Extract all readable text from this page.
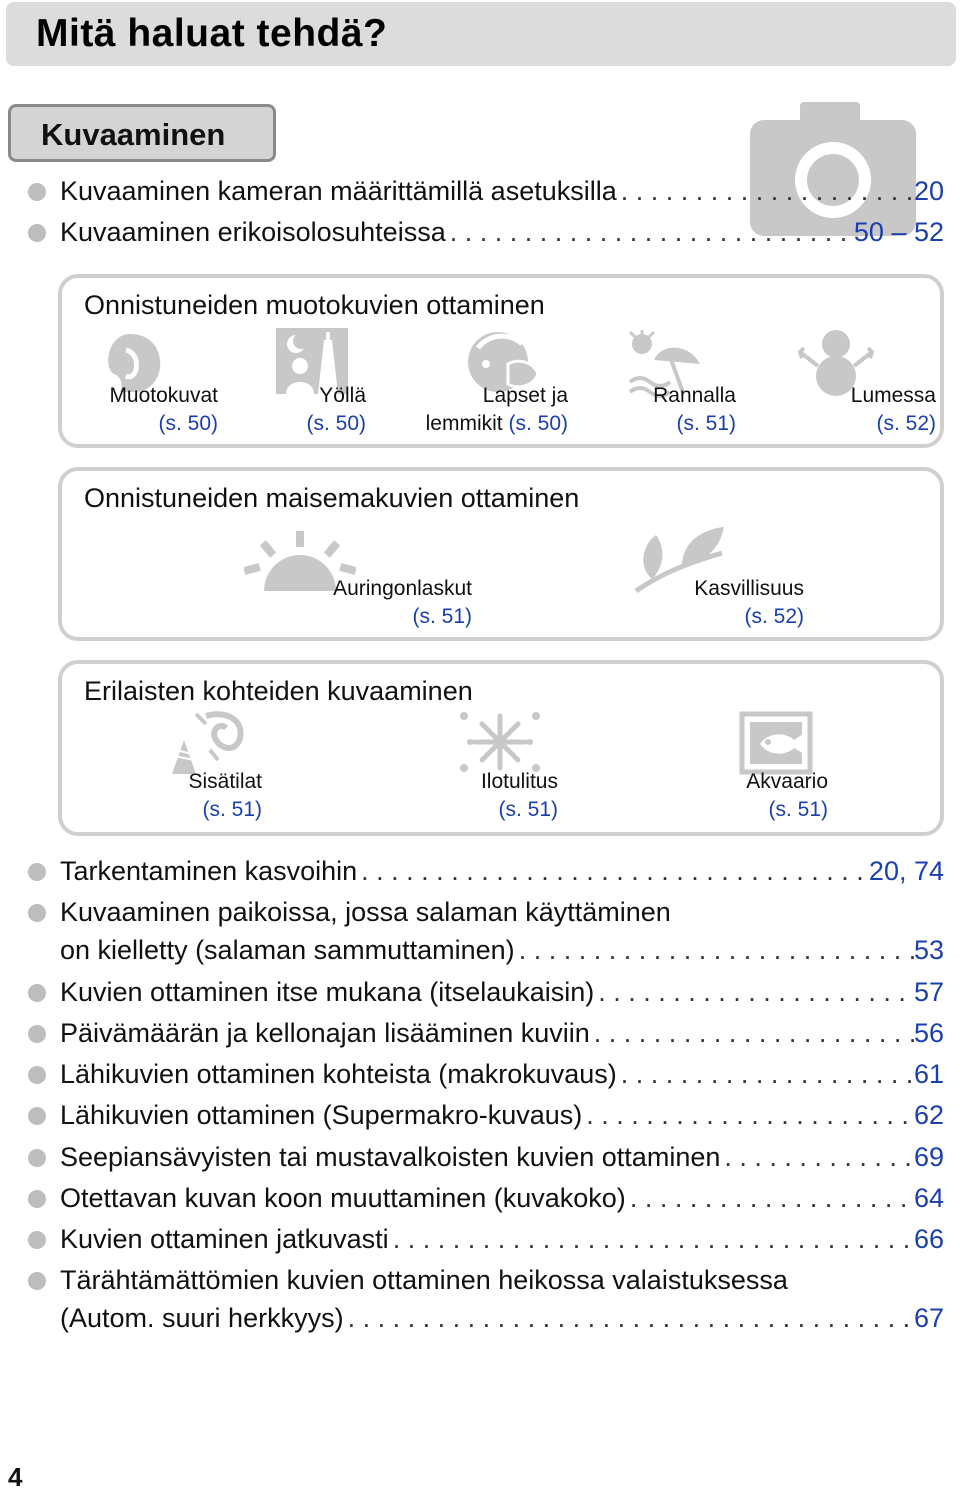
Mitä haluat tehdä?
Kuvaaminen
Kuvaaminen kameran määrittämillä asetuksilla . . .	20
Kuvaaminen erikoisolosuhteissa . . .	50 – 52
Onnistuneiden muotokuvien ottaminen
Muotokuvat
(s. 50)
Yöllä
(s. 50)
Lapset ja
lemmikit (s. 50)
Rannalla
(s. 51)
Lumessa
(s. 52)
Onnistuneiden maisemakuvien ottaminen
Auringonlaskut
(s. 51)
Kasvillisuus
(s. 52)
Erilaisten kohteiden kuvaaminen
Sisätilat
(s. 51)
Ilotulitus
(s. 51)
Akvaario
(s. 51)
Tarkentaminen kasvoihin . . .	20, 74
Kuvaaminen paikoissa, jossa salaman käyttäminen
on kielletty (salaman sammuttaminen) . . .	53
Kuvien ottaminen itse mukana (itselaukaisin) . . .	57
Päivämäärän ja kellonajan lisääminen kuviin . . .	56
Lähikuvien ottaminen kohteista (makrokuvaus) . . .	61
Lähikuvien ottaminen (Supermakro-kuvaus) . . .	62
Seepiansävyisten tai mustavalkoisten kuvien ottaminen . . .	69
Otettavan kuvan koon muuttaminen (kuvakoko) . . .	64
Kuvien ottaminen jatkuvasti . . .	66
Tärähtämättömien kuvien ottaminen heikossa valaistuksessa
(Autom. suuri herkkyys) . . .	67
4
